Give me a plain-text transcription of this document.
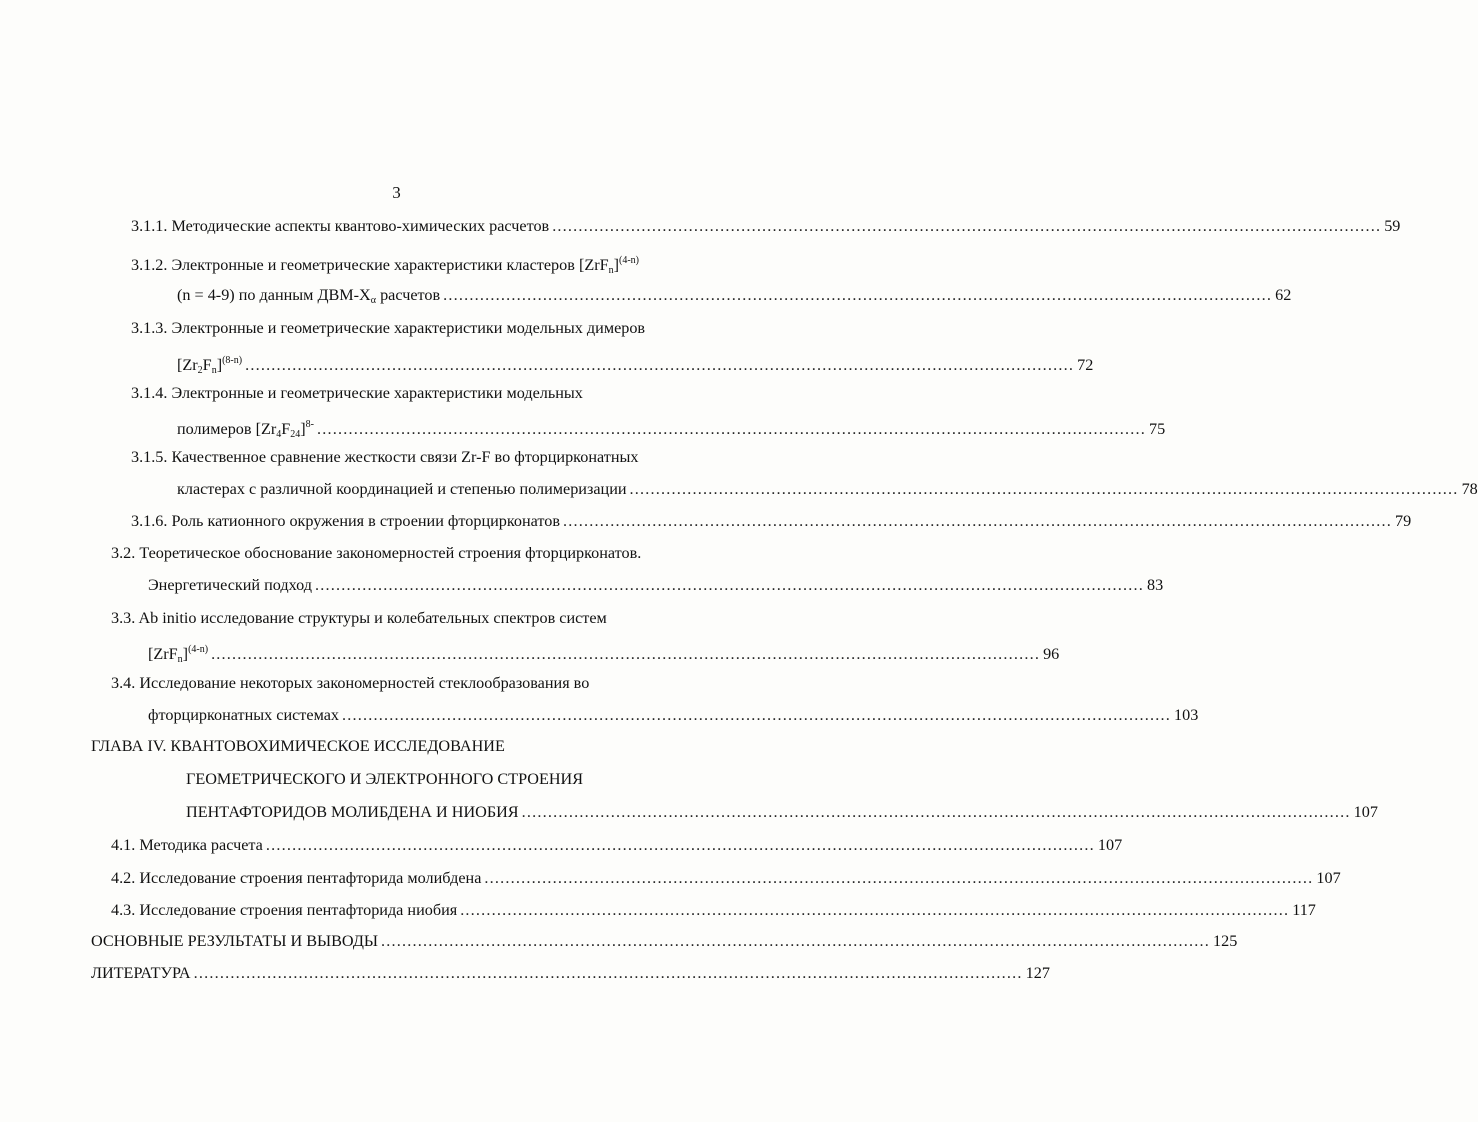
3
3.1.1. Методические аспекты квантово-химических расчетов .............................................................................................................................................................. 59
3.1.2. Электронные и геометрические характеристики кластеров $[ZrF_n]^{(4-n)}$
(n = 4-9) по данным ДВМ-$X_\alpha$ расчетов .............................................................................................................................................................. 62
3.1.3. Электронные и геометрические характеристики модельных димеров
$[Zr_2F_n]^{(8-n)}$ .............................................................................................................................................................. 72
3.1.4. Электронные и геометрические характеристики модельных
полимеров $[Zr_4F_{24}]^{8-}$ .............................................................................................................................................................. 75
3.1.5. Качественное сравнение жесткости связи Zr-F во фторцирконатных
кластерах с различной координацией и степенью полимеризации .............................................................................................................................................................. 78
3.1.6. Роль катионного окружения в строении фторцирконатов .............................................................................................................................................................. 79
3.2. Теоретическое обоснование закономерностей строения фторцирконатов.
Энергетический подход .............................................................................................................................................................. 83
3.3. Ab initio исследование структуры и колебательных спектров систем
$[ZrF_n]^{(4-n)}$ .............................................................................................................................................................. 96
3.4. Исследование некоторых закономерностей стеклообразования во
фторцирконатных системах .............................................................................................................................................................. 103
ГЛАВА IV. КВАНТОВОХИМИЧЕСКОЕ ИССЛЕДОВАНИЕ
ГЕОМЕТРИЧЕСКОГО И ЭЛЕКТРОННОГО СТРОЕНИЯ
ПЕНТАФТОРИДОВ МОЛИБДЕНА И НИОБИЯ .............................................................................................................................................................. 107
4.1. Методика расчета .............................................................................................................................................................. 107
4.2. Исследование строения пентафторида молибдена .............................................................................................................................................................. 107
4.3. Исследование строения пентафторида ниобия .............................................................................................................................................................. 117
ОСНОВНЫЕ РЕЗУЛЬТАТЫ И ВЫВОДЫ .............................................................................................................................................................. 125
ЛИТЕРАТУРА .............................................................................................................................................................. 127
